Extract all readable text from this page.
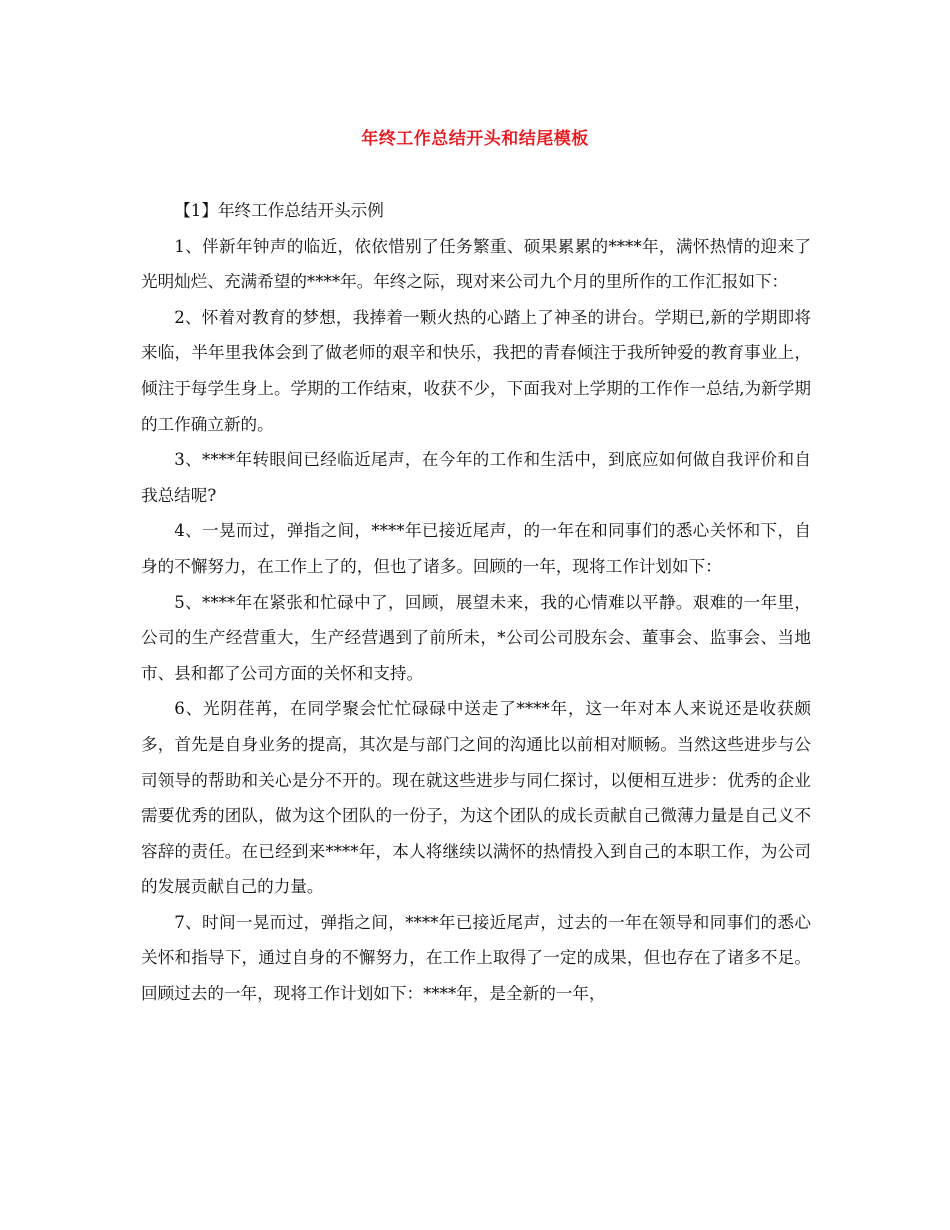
年终工作总结开头和结尾模板

【1】年终工作总结开头示例

1、伴新年钟声的临近，依依惜别了任务繁重、硕果累累的****年，满怀热情的迎来了光明灿烂、充满希望的****年。年终之际，现对来公司九个月的里所作的工作汇报如下：

2、怀着对教育的梦想，我捧着一颗火热的心踏上了神圣的讲台。学期已,新的学期即将来临，半年里我体会到了做老师的艰辛和快乐，我把的青春倾注于我所钟爱的教育事业上，倾注于每学生身上。学期的工作结束，收获不少，下面我对上学期的工作作一总结,为新学期的工作确立新的。

3、****年转眼间已经临近尾声，在今年的工作和生活中，到底应如何做自我评价和自我总结呢?

4、一晃而过，弹指之间，****年已接近尾声，的一年在和同事们的悉心关怀和下，自身的不懈努力，在工作上了的，但也了诸多。回顾的一年，现将工作计划如下：

5、****年在紧张和忙碌中了，回顾，展望未来，我的心情难以平静。艰难的一年里，公司的生产经营重大，生产经营遇到了前所未，*公司公司股东会、董事会、监事会、当地市、县和都了公司方面的关怀和支持。

6、光阴荏苒，在同学聚会忙忙碌碌中送走了****年，这一年对本人来说还是收获颇多，首先是自身业务的提高，其次是与部门之间的沟通比以前相对顺畅。当然这些进步与公司领导的帮助和关心是分不开的。现在就这些进步与同仁探讨，以便相互进步：优秀的企业需要优秀的团队，做为这个团队的一份子，为这个团队的成长贡献自己微薄力量是自己义不容辞的责任。在已经到来****年，本人将继续以满怀的热情投入到自己的本职工作，为公司的发展贡献自己的力量。

7、时间一晃而过，弹指之间，****年已接近尾声，过去的一年在领导和同事们的悉心关怀和指导下，通过自身的不懈努力，在工作上取得了一定的成果，但也存在了诸多不足。回顾过去的一年，现将工作计划如下：****年，是全新的一年，
